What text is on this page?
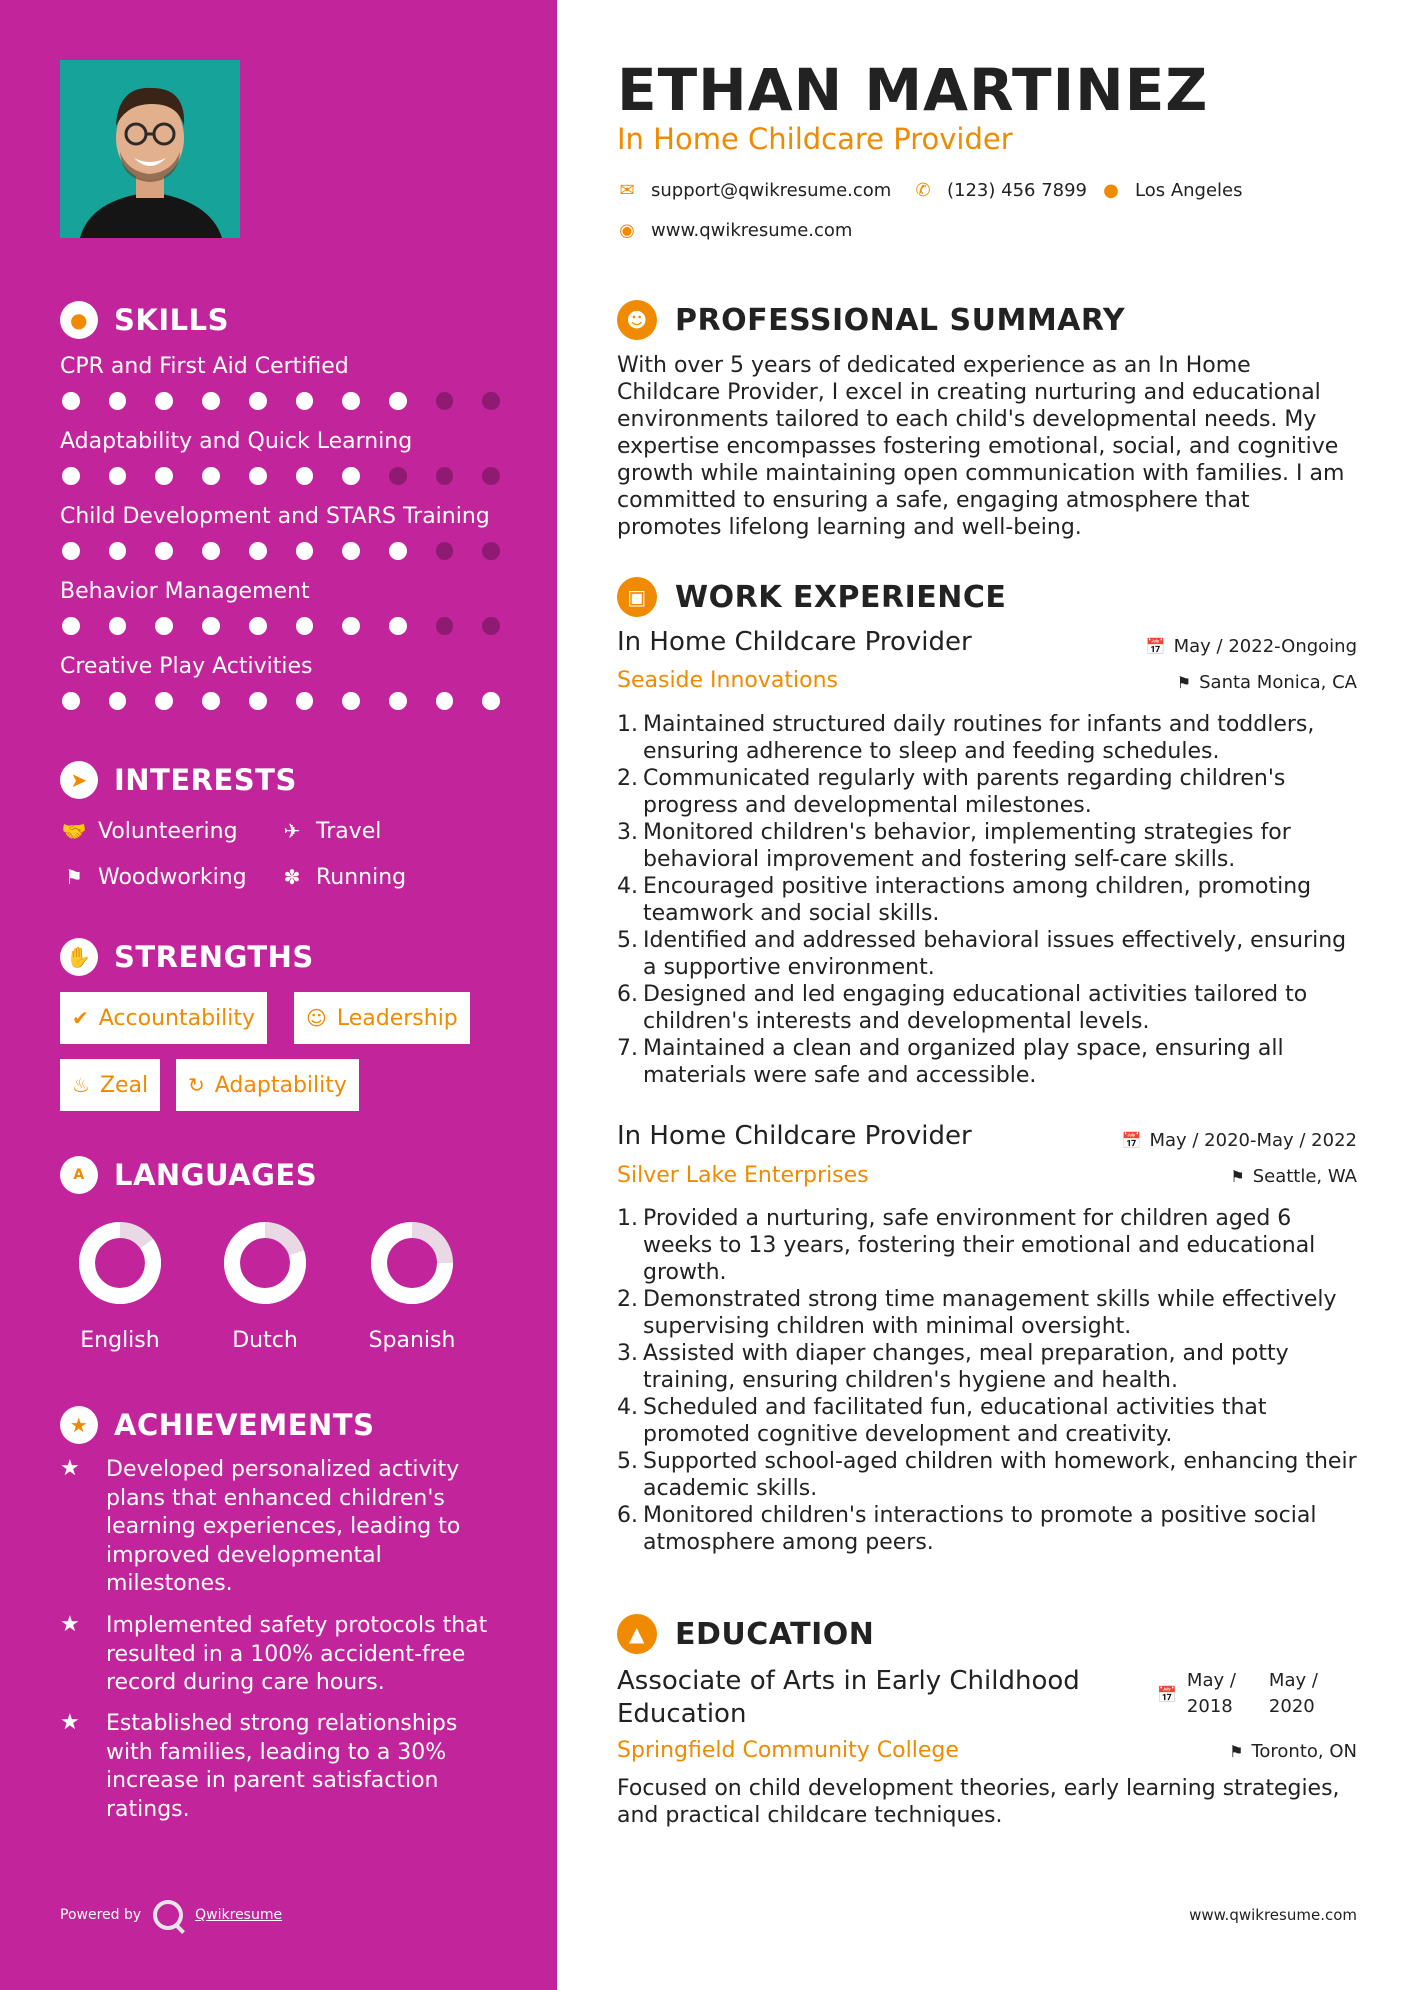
● SKILLS
CPR and First Aid Certified
Adaptability and Quick Learning
Child Development and STARS Training
Behavior Management
Creative Play Activities
➤ INTERESTS
🤝 Volunteering ✈ Travel
⚑ Woodworking ✽ Running
✋ STRENGTHS
✔ Accountability	☺ Leadership
♨ Zeal ↻ Adaptability
A	LANGUAGES
English	Dutch	Spanish
★ ACHIEVEMENTS
★	Developed personalized activity plans that enhanced children's learning experiences, leading to improved developmental milestones.
★	Implemented safety protocols that resulted in a 100% accident-free record during care hours.
★	Established strong relationships with families, leading to a 30% increase in parent satisfaction ratings.
Powered by	Qwikresume
ETHAN MARTINEZ
In Home Childcare Provider
✉ support@qwikresume.com ✆ (123) 456 7899 ● Los Angeles
◉ www.qwikresume.com
☻ PROFESSIONAL SUMMARY
With over 5 years of dedicated experience as an In Home Childcare Provider, I excel in creating nurturing and educational environments tailored to each child's developmental needs. My expertise encompasses fostering emotional, social, and cognitive growth while maintaining open communication with families. I am committed to ensuring a safe, engaging atmosphere that promotes lifelong learning and well-being.
▣ WORK EXPERIENCE
In Home Childcare Provider	📅 May / 2022-Ongoing
Seaside Innovations	⚑ Santa Monica, CA
1. Maintained structured daily routines for infants and toddlers, ensuring adherence to sleep and feeding schedules.
2. Communicated regularly with parents regarding children's progress and developmental milestones.
3. Monitored children's behavior, implementing strategies for behavioral improvement and fostering self-care skills.
4. Encouraged positive interactions among children, promoting teamwork and social skills.
5. Identified and addressed behavioral issues effectively, ensuring a supportive environment.
6. Designed and led engaging educational activities tailored to children's interests and developmental levels.
7. Maintained a clean and organized play space, ensuring all materials were safe and accessible.
In Home Childcare Provider	📅 May / 2020-May / 2022
Silver Lake Enterprises	⚑ Seattle, WA
1. Provided a nurturing, safe environment for children aged 6 weeks to 13 years, fostering their emotional and educational growth.
2. Demonstrated strong time management skills while effectively supervising children with minimal oversight.
3. Assisted with diaper changes, meal preparation, and potty training, ensuring children's hygiene and health.
4. Scheduled and facilitated fun, educational activities that promoted cognitive development and creativity.
5. Supported school-aged children with homework, enhancing their academic skills.
6. Monitored children's interactions to promote a positive social atmosphere among peers.
▲	EDUCATION
Associate of Arts in Early Childhood
Education
📅
May /
2018
May /
2020
Springfield Community College	⚑ Toronto, ON
Focused on child development theories, early learning strategies, and practical childcare techniques.
www.qwikresume.com
